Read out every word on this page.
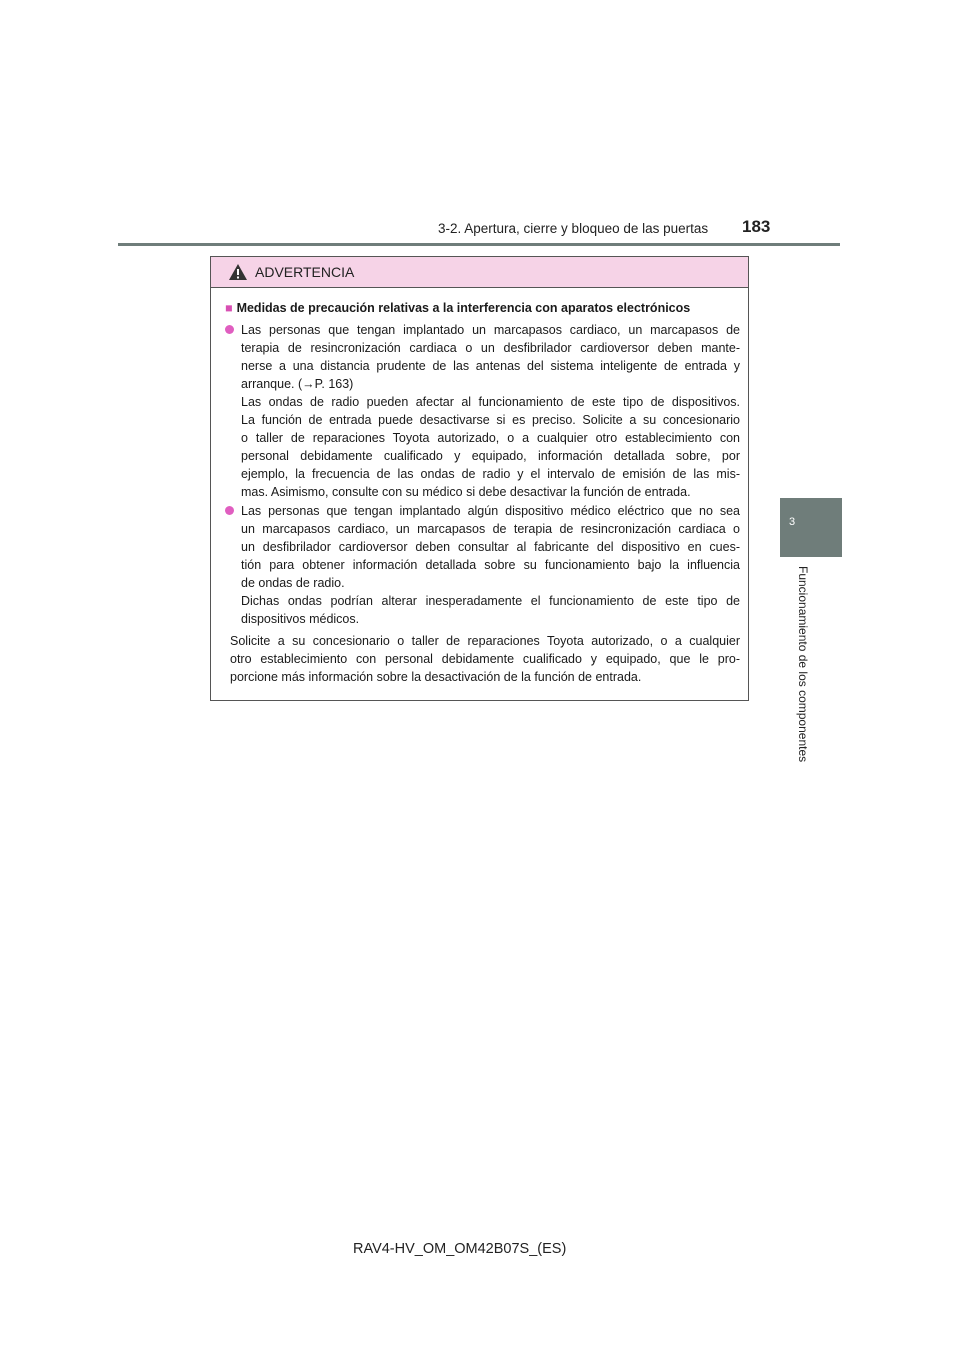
3-2. Apertura, cierre y bloqueo de las puertas 183
3
Funcionamiento de los componentes
ADVERTENCIA
■ Medidas de precaución relativas a la interferencia con aparatos electrónicos

Las personas que tengan implantado un marcapasos cardiaco, un marcapasos de
terapia de resincronización cardiaca o un desfibrilador cardioversor deben mante-
nerse a una distancia prudente de las antenas del sistema inteligente de entrada y
arranque. (→P. 163)
Las ondas de radio pueden afectar al funcionamiento de este tipo de dispositivos.
La función de entrada puede desactivarse si es preciso. Solicite a su concesionario
o taller de reparaciones Toyota autorizado, o a cualquier otro establecimiento con
personal debidamente cualificado y equipado, información detallada sobre, por
ejemplo, la frecuencia de las ondas de radio y el intervalo de emisión de las mis-
mas. Asimismo, consulte con su médico si debe desactivar la función de entrada.

Las personas que tengan implantado algún dispositivo médico eléctrico que no sea
un marcapasos cardiaco, un marcapasos de terapia de resincronización cardiaca o
un desfibrilador cardioversor deben consultar al fabricante del dispositivo en cues-
tión para obtener información detallada sobre su funcionamiento bajo la influencia
de ondas de radio.
Dichas ondas podrían alterar inesperadamente el funcionamiento de este tipo de
dispositivos médicos.

Solicite a su concesionario o taller de reparaciones Toyota autorizado, o a cualquier
otro establecimiento con personal debidamente cualificado y equipado, que le pro-
porcione más información sobre la desactivación de la función de entrada.
RAV4-HV_OM_OM42B07S_(ES)
